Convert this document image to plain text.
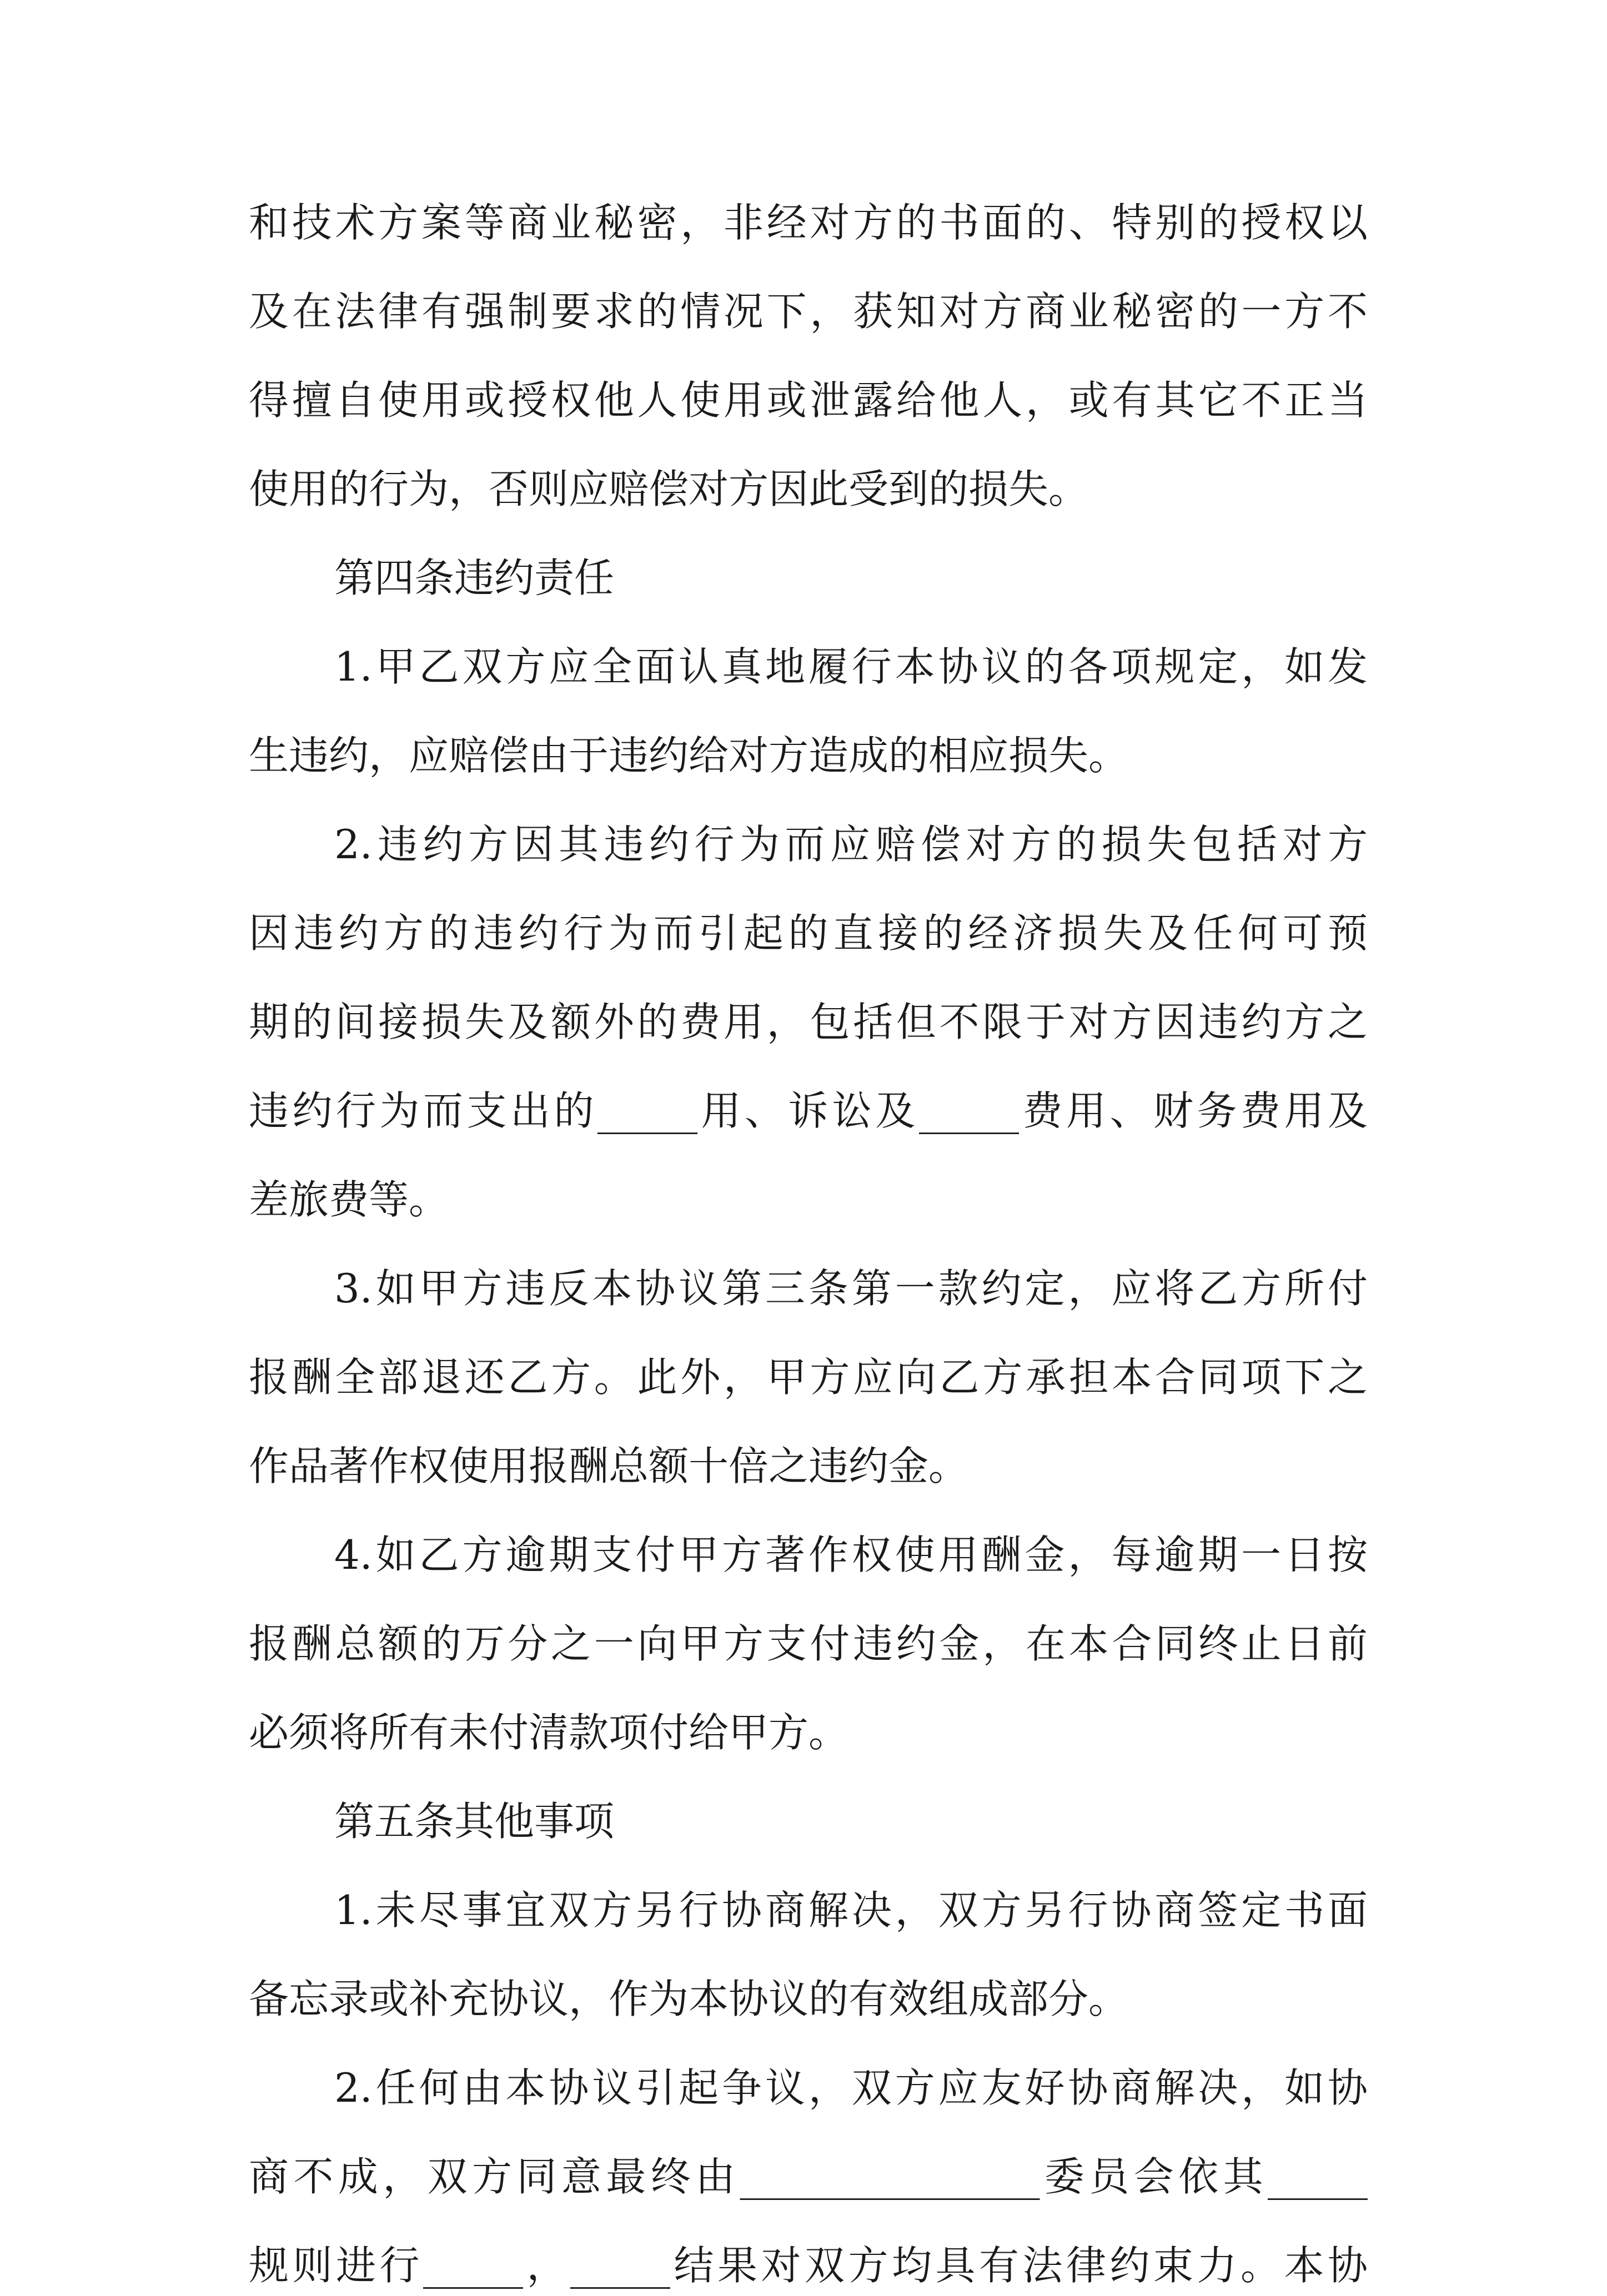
和技术方案等商业秘密，非经对方的书面的、特别的授权以
及在法律有强制要求的情况下，获知对方商业秘密的一方不
得擅自使用或授权他人使用或泄露给他人，或有其它不正当
使用的行为，否则应赔偿对方因此受到的损失。
第四条违约责任
1.甲乙双方应全面认真地履行本协议的各项规定，如发
生违约，应赔偿由于违约给对方造成的相应损失。
2.违约方因其违约行为而应赔偿对方的损失包括对方
因违约方的违约行为而引起的直接的经济损失及任何可预
期的间接损失及额外的费用，包括但不限于对方因违约方之
违约行为而支出的_____用、诉讼及_____费用、财务费用及
差旅费等。
3.如甲方违反本协议第三条第一款约定，应将乙方所付
报酬全部退还乙方。此外，甲方应向乙方承担本合同项下之
作品著作权使用报酬总额十倍之违约金。
4.如乙方逾期支付甲方著作权使用酬金，每逾期一日按
报酬总额的万分之一向甲方支付违约金，在本合同终止日前
必须将所有未付清款项付给甲方。
第五条其他事项
1.未尽事宜双方另行协商解决，双方另行协商签定书面
备忘录或补充协议，作为本协议的有效组成部分。
2.任何由本协议引起争议，双方应友好协商解决，如协
商不成，双方同意最终由_______________委员会依其_____
规则进行_____，_____结果对双方均具有法律约束力。本协
